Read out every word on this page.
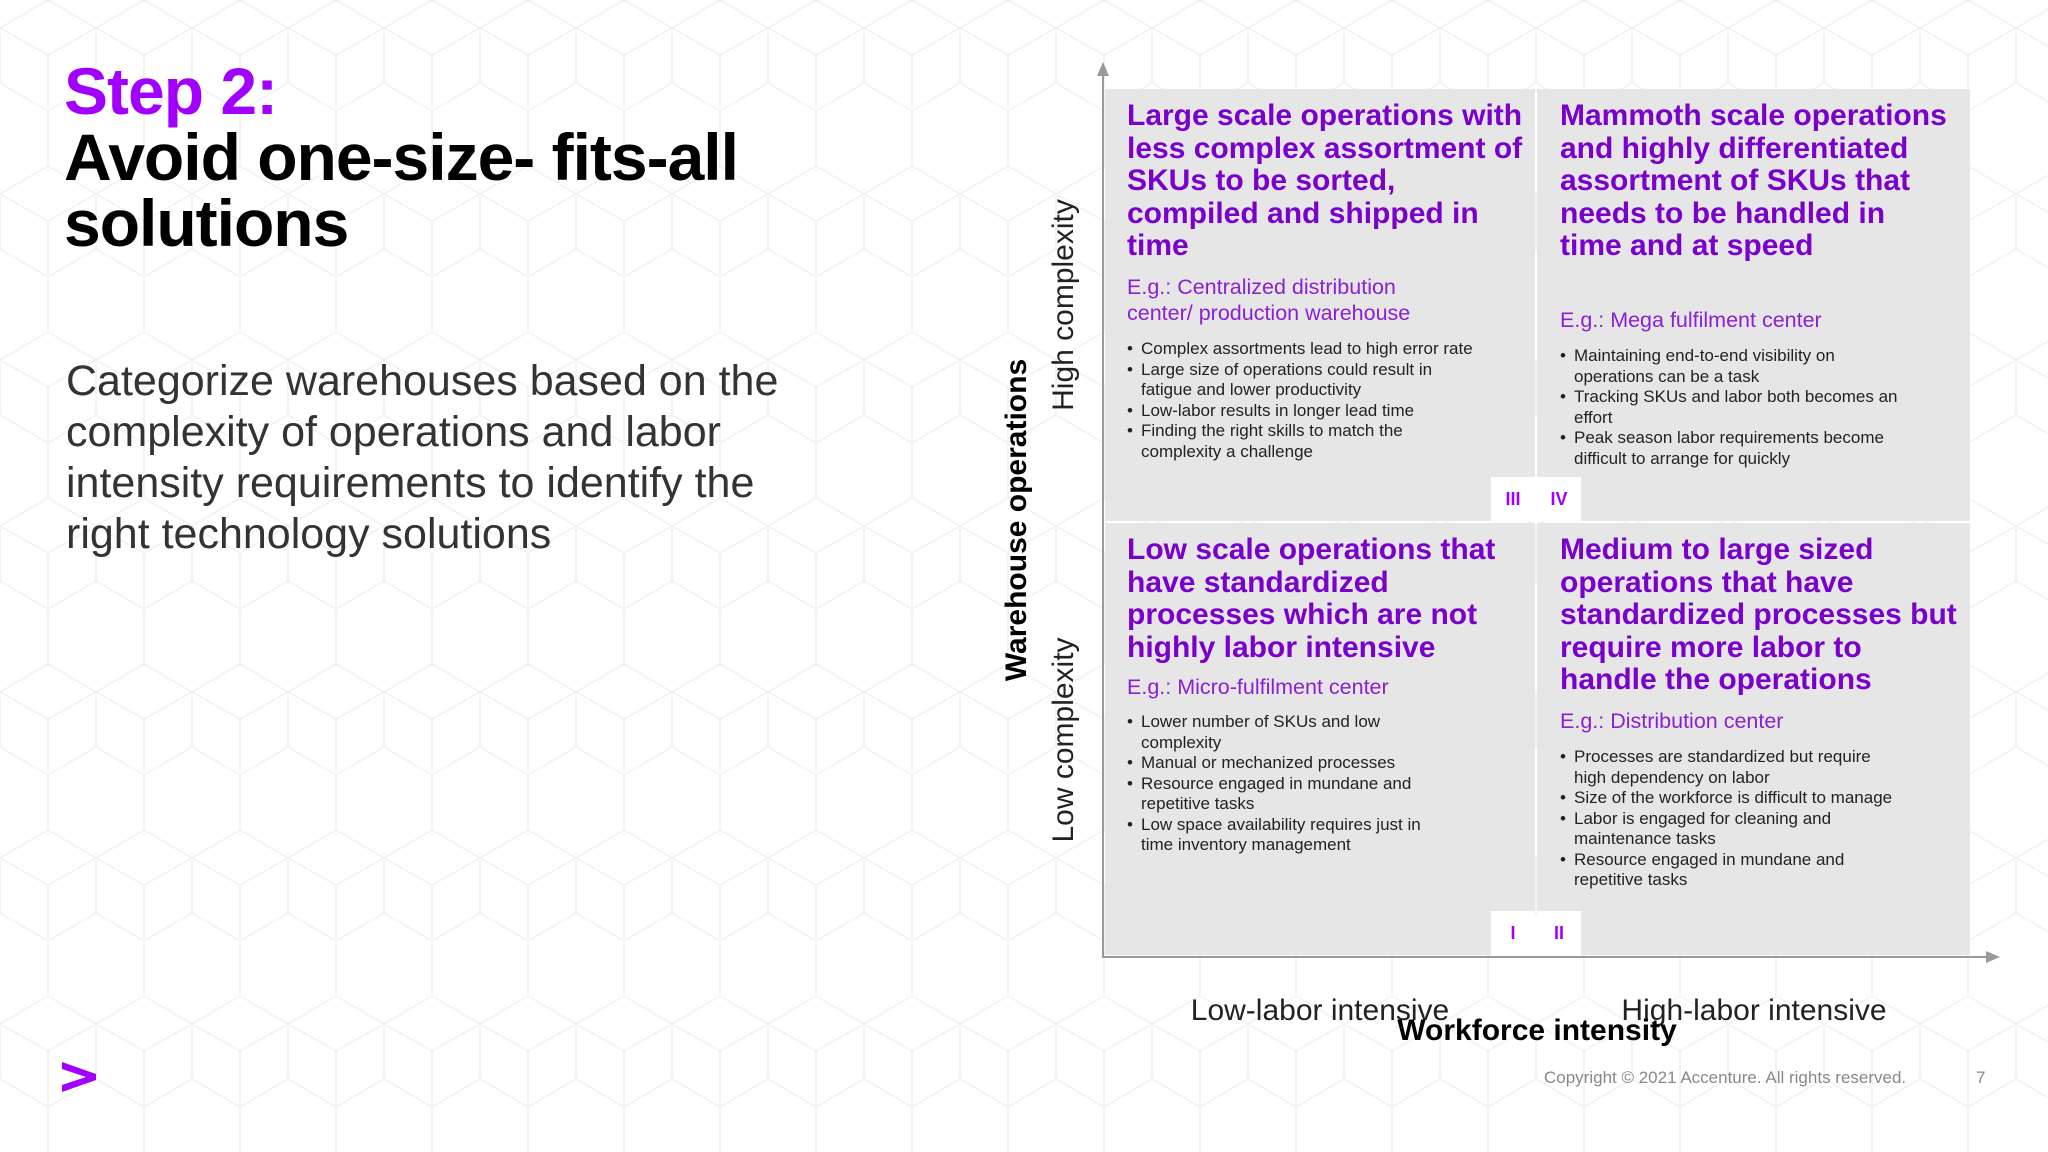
Step 2:
Avoid one-size- fits-all solutions
Categorize warehouses based on the complexity of operations and labor intensity requirements to identify the right technology solutions
Large scale operations with less complex assortment of SKUs to be sorted, compiled and shipped in time
E.g.: Centralized distribution center/ production warehouse
• Complex assortments lead to high error rate
• Large size of operations could result in fatigue and lower productivity
• Low-labor results in longer lead time
• Finding the right skills to match the complexity a challenge
Mammoth scale operations and highly differentiated assortment of SKUs that needs to be handled in time and at speed
E.g.: Mega fulfilment center
• Maintaining end-to-end visibility on operations can be a task
• Tracking SKUs and labor both becomes an effort
• Peak season labor requirements become difficult to arrange for quickly
Low scale operations that have standardized processes which are not highly labor intensive
E.g.: Micro-fulfilment center
• Lower number of SKUs and low complexity
• Manual or mechanized processes
• Resource engaged in mundane and repetitive tasks
• Low space availability requires just in time inventory management
Medium to large sized operations that have standardized processes but require more labor to handle the operations
E.g.: Distribution center
• Processes are standardized but require high dependency on labor
• Size of the workforce is difficult to manage
• Labor is engaged for cleaning and maintenance tasks
• Resource engaged in mundane and repetitive tasks
III	IV
I	II
Warehouse operations
High complexity
Low complexity
Low-labor intensive	High-labor intensive
Workforce intensity
Copyright © 2021 Accenture. All rights reserved.	7
